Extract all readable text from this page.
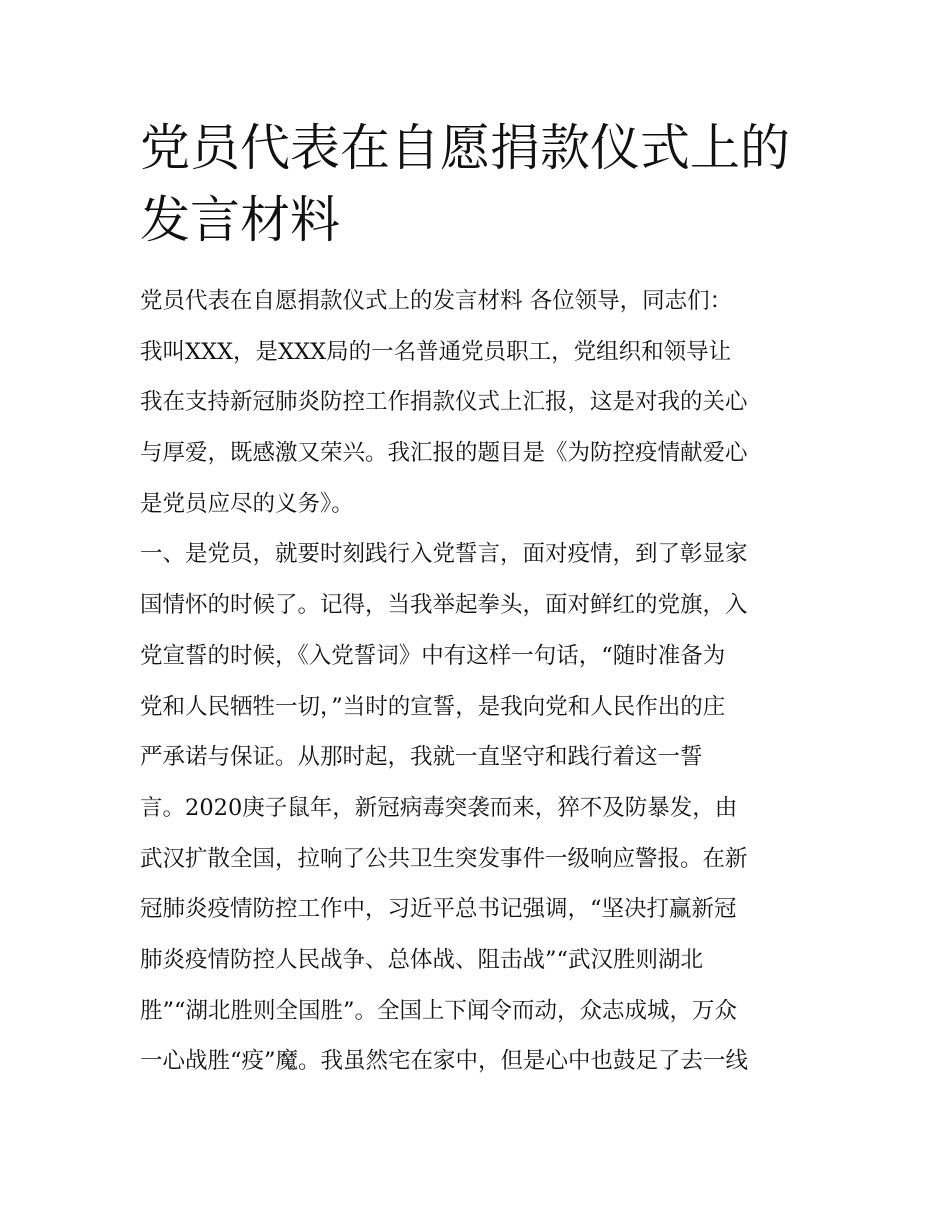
党员代表在自愿捐款仪式上的
发言材料
党员代表在自愿捐款仪式上的发言材料 各位领导，同志们：
我叫XXX，是XXX局的一名普通党员职工，党组织和领导让
我在支持新冠肺炎防控工作捐款仪式上汇报，这是对我的关心
与厚爱，既感激又荣兴。我汇报的题目是《为防控疫情献爱心
是党员应尽的义务》。
一、是党员，就要时刻践行入党誓言，面对疫情，到了彰显家
国情怀的时候了。记得，当我举起拳头，面对鲜红的党旗，入
党宣誓的时候，《入党誓词》中有这样一句话，“随时准备为
党和人民牺牲一切，”当时的宣誓，是我向党和人民作出的庄
严承诺与保证。从那时起，我就一直坚守和践行着这一誓
言。2020庚子鼠年，新冠病毒突袭而来，猝不及防暴发，由
武汉扩散全国，拉响了公共卫生突发事件一级响应警报。在新
冠肺炎疫情防控工作中，习近平总书记强调，“坚决打赢新冠
肺炎疫情防控人民战争、总体战、阻击战”“武汉胜则湖北
胜”“湖北胜则全国胜”。全国上下闻令而动，众志成城，万众
一心战胜“疫”魔。我虽然宅在家中，但是心中也鼓足了去一线
